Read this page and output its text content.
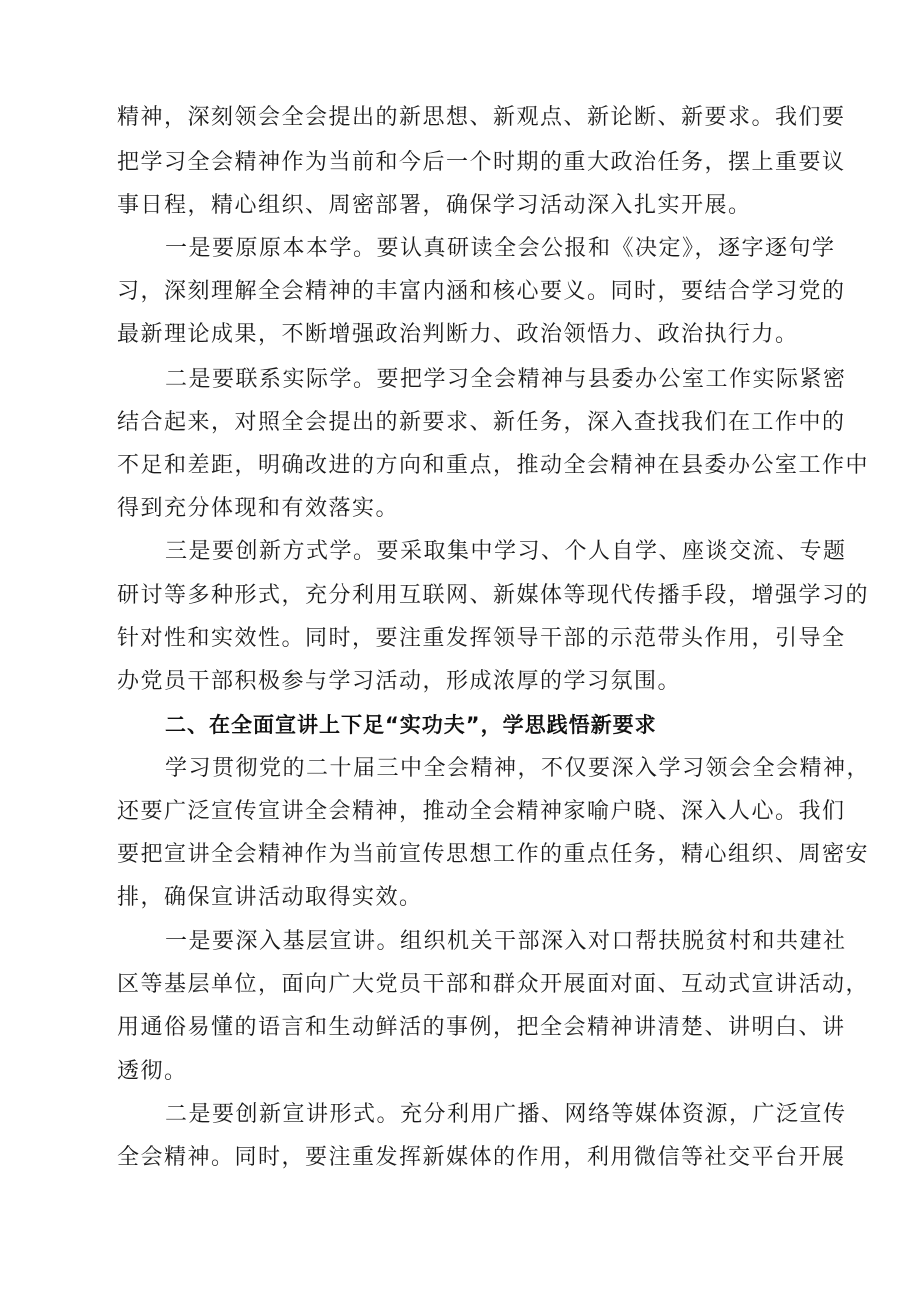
精神，深刻领会全会提出的新思想、新观点、新论断、新要求。我们要
把学习全会精神作为当前和今后一个时期的重大政治任务，摆上重要议
事日程，精心组织、周密部署，确保学习活动深入扎实开展。
一是要原原本本学。要认真研读全会公报和《决定》，逐字逐句学
习，深刻理解全会精神的丰富内涵和核心要义。同时，要结合学习党的
最新理论成果，不断增强政治判断力、政治领悟力、政治执行力。
二是要联系实际学。要把学习全会精神与县委办公室工作实际紧密
结合起来，对照全会提出的新要求、新任务，深入查找我们在工作中的
不足和差距，明确改进的方向和重点，推动全会精神在县委办公室工作中
得到充分体现和有效落实。
三是要创新方式学。要采取集中学习、个人自学、座谈交流、专题
研讨等多种形式，充分利用互联网、新媒体等现代传播手段，增强学习的
针对性和实效性。同时，要注重发挥领导干部的示范带头作用，引导全
办党员干部积极参与学习活动，形成浓厚的学习氛围。
二、在全面宣讲上下足“实功夫”，学思践悟新要求
学习贯彻党的二十届三中全会精神，不仅要深入学习领会全会精神，
还要广泛宣传宣讲全会精神，推动全会精神家喻户晓、深入人心。我们
要把宣讲全会精神作为当前宣传思想工作的重点任务，精心组织、周密安
排，确保宣讲活动取得实效。
一是要深入基层宣讲。组织机关干部深入对口帮扶脱贫村和共建社
区等基层单位，面向广大党员干部和群众开展面对面、互动式宣讲活动，
用通俗易懂的语言和生动鲜活的事例，把全会精神讲清楚、讲明白、讲
透彻。
二是要创新宣讲形式。充分利用广播、网络等媒体资源，广泛宣传
全会精神。同时，要注重发挥新媒体的作用，利用微信等社交平台开展
